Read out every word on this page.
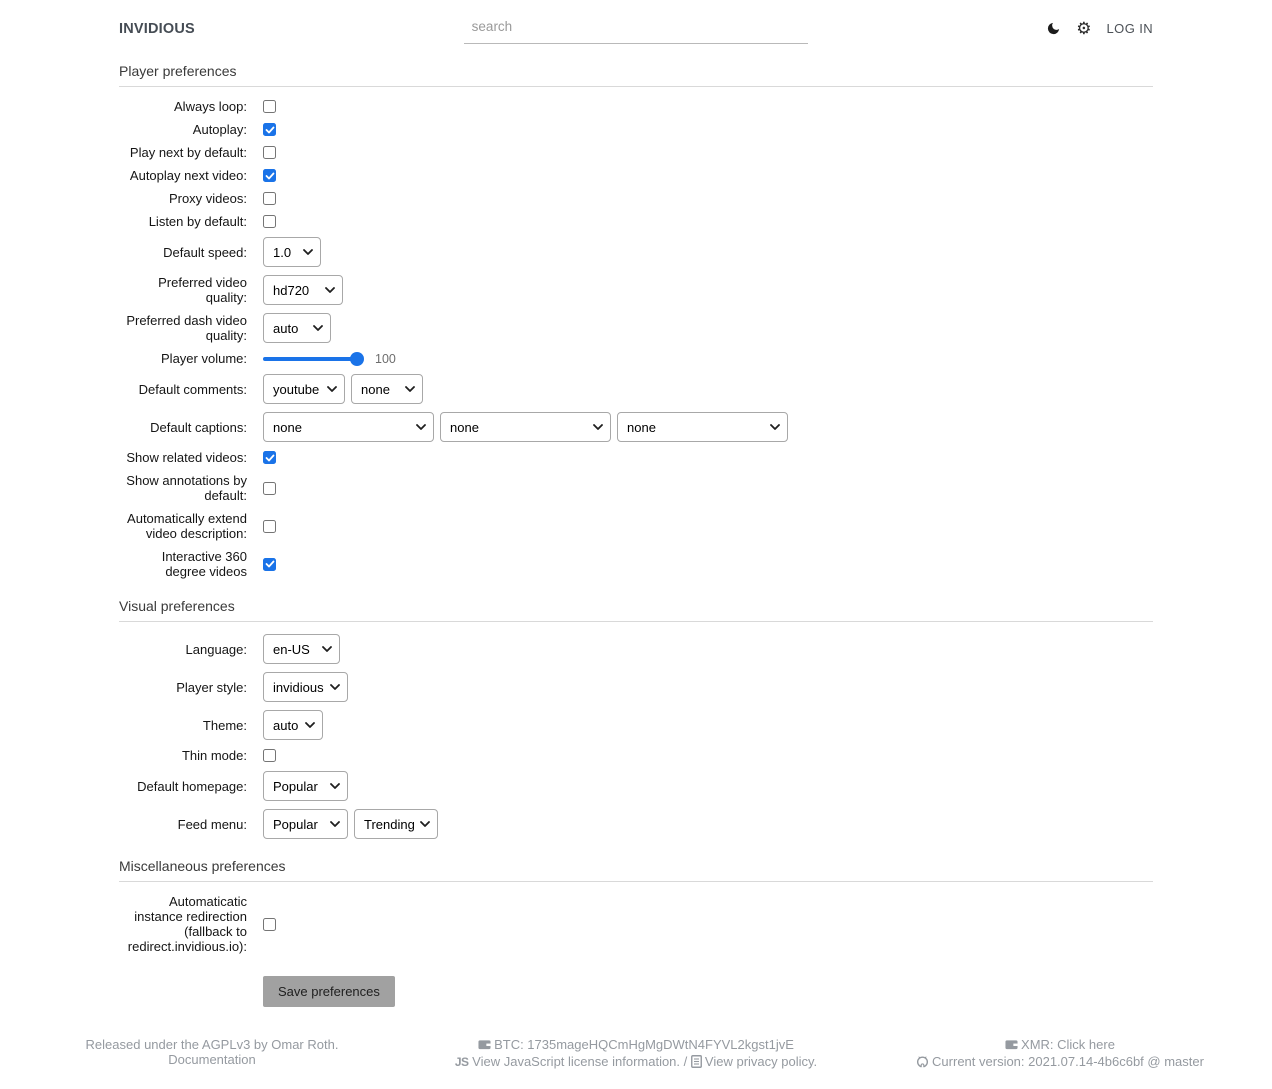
INVIDIOUS
search	⚙ LOG IN
Player preferences
Always loop:
Autoplay:
Play next by default:
Autoplay next video:
Proxy videos:
Listen by default:
Default speed: 1.0
Preferred video quality: hd720
Preferred dash video quality: auto
Player volume:	100
Default comments: youtube	none
Default captions: none	none	none
Show related videos:
Show annotations by default:
Automatically extend video description:
Interactive 360 degree videos
Visual preferences
Language: en-US
Player style: invidious
Theme: auto
Thin mode:
Default homepage: Popular
Feed menu: Popular	Trending
Miscellaneous preferences
Automaticatic instance redirection (fallback to redirect.invidious.io):
Save preferences
Released under the AGPLv3 by Omar Roth.
Documentation
BTC: 1735mageHQCmHgMgDWtN4FYVL2kgst1jvE
JS View JavaScript license information. / View privacy policy.
XMR: Click here
Current version: 2021.07.14-4b6c6bf @ master
